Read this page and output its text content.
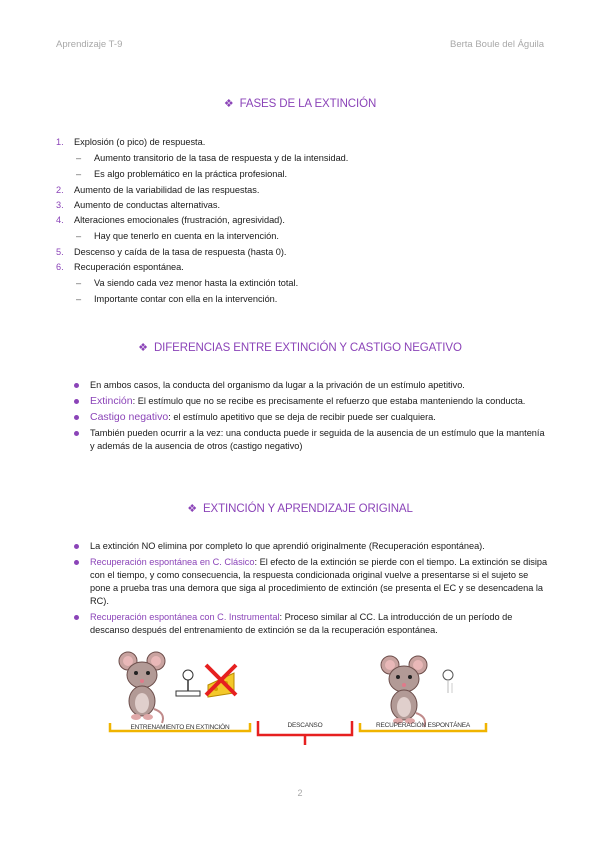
Aprendizaje T-9	Berta Boule del Águila
❖ FASES DE LA EXTINCIÓN
1. Explosión (o pico) de respuesta.
– Aumento transitorio de la tasa de respuesta y de la intensidad.
– Es algo problemático en la práctica profesional.
2. Aumento de la variabilidad de las respuestas.
3. Aumento de conductas alternativas.
4. Alteraciones emocionales (frustración, agresividad).
– Hay que tenerlo en cuenta en la intervención.
5. Descenso y caída de la tasa de respuesta (hasta 0).
6. Recuperación espontánea.
– Va siendo cada vez menor hasta la extinción total.
– Importante contar con ella en la intervención.
❖ DIFERENCIAS ENTRE EXTINCIÓN Y CASTIGO NEGATIVO
En ambos casos, la conducta del organismo da lugar a la privación de un estímulo apetitivo.
Extinción: El estímulo que no se recibe es precisamente el refuerzo que estaba manteniendo la conducta.
Castigo negativo: el estímulo apetitivo que se deja de recibir puede ser cualquiera.
También pueden ocurrir a la vez: una conducta puede ir seguida de la ausencia de un estímulo que la mantenía y además de la ausencia de otros (castigo negativo)
❖ EXTINCIÓN Y APRENDIZAJE ORIGINAL
La extinción NO elimina por completo lo que aprendió originalmente (Recuperación espontánea).
Recuperación espontánea en C. Clásico: El efecto de la extinción se pierde con el tiempo. La extinción se disipa con el tiempo, y como consecuencia, la respuesta condicionada original vuelve a presentarse si el sujeto se pone a prueba tras una demora que siga al procedimiento de extinción (se presenta el EC y se desencadena la RC).
Recuperación espontánea con C. Instrumental: Proceso similar al CC. La introducción de un período de descanso después del entrenamiento de extinción se da la recuperación espontánea.
ENTRENAMIENTO EN EXTINCIÓN	DESCANSO	RECUPERACIÓN ESPONTÁNEA
2
